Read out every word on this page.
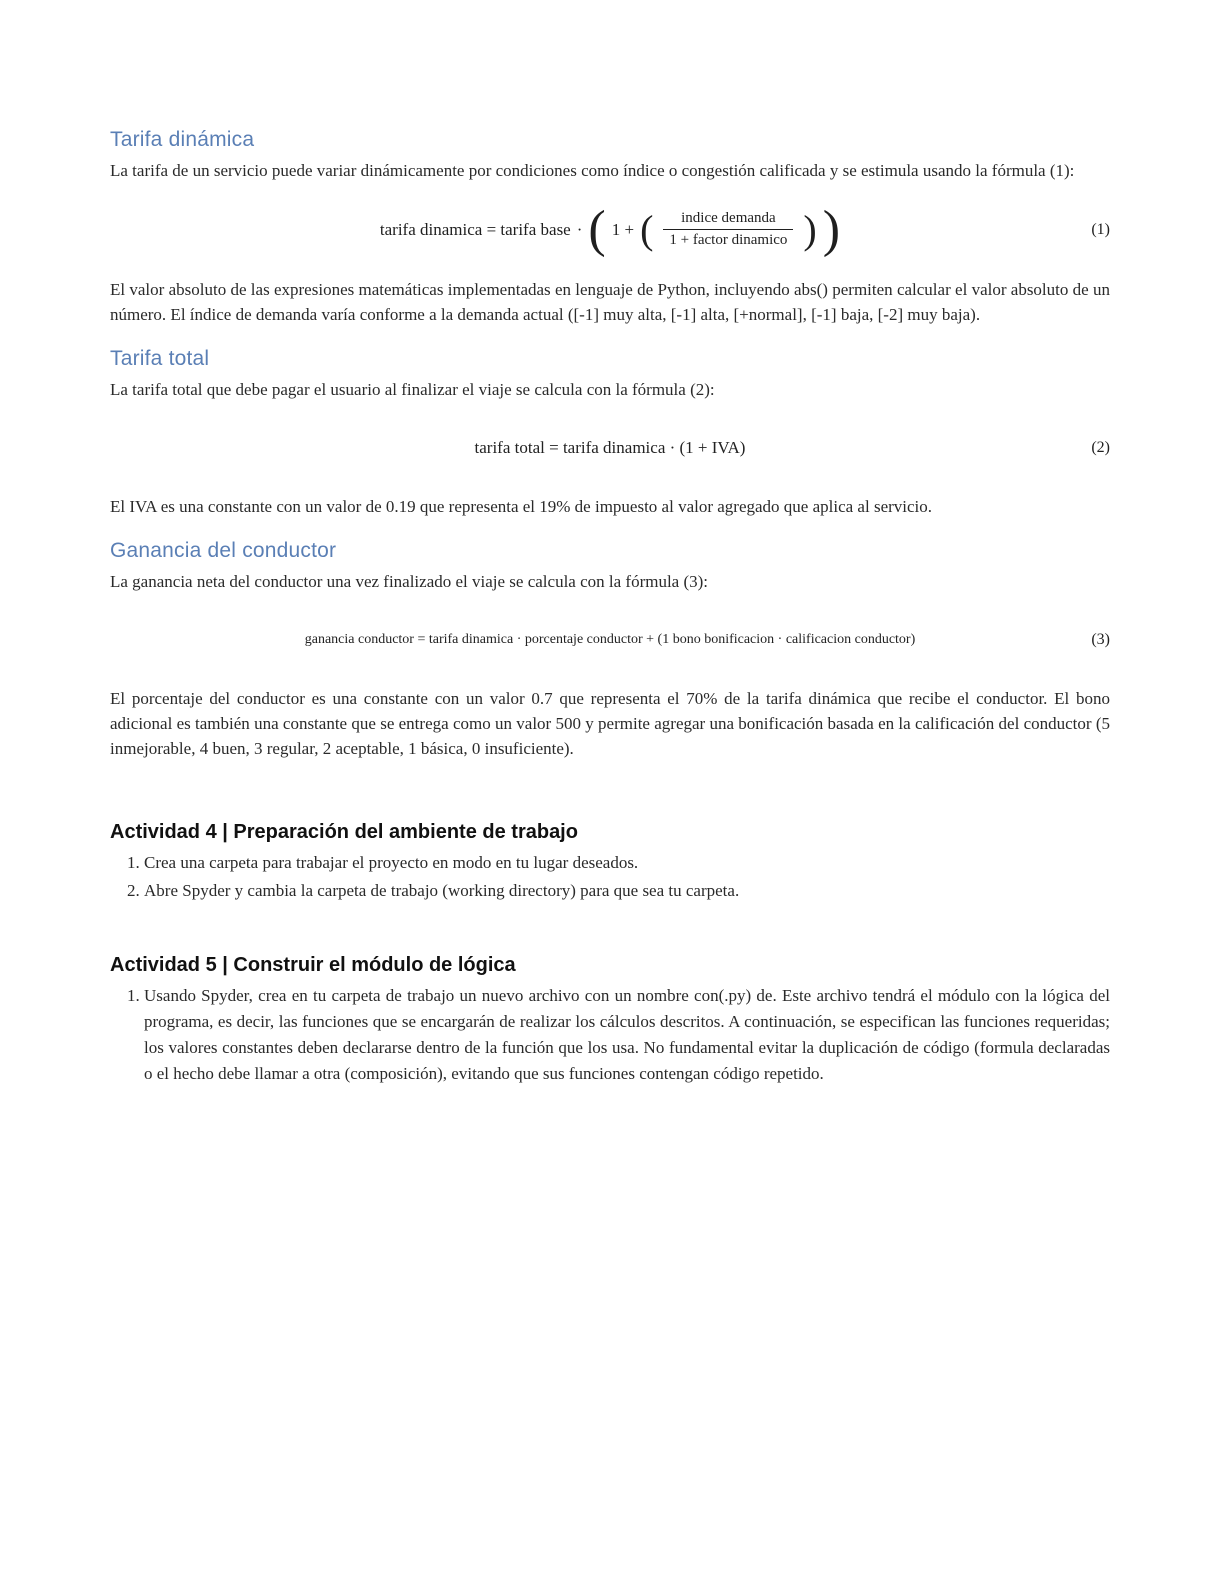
Tarifa dinámica

La tarifa de un servicio puede variar dinámicamente por condiciones como índice o congestión calificada y se estimula usando la fórmula (1):

tarifa dinamica = tarifa base · ( 1 + ( $\frac{\text{indice demanda}}{\text{1 + factor dinamico}}$ ) )	(1)

El valor absoluto de las expresiones matemáticas implementadas en lenguaje de Python, incluyendo abs() permiten calcular el valor absoluto de un número. El índice de demanda varía conforme a la demanda actual ([-1] muy alta, [-1] alta, [+normal], [-1] baja, [-2] muy baja).

Tarifa total

La tarifa total que debe pagar el usuario al finalizar el viaje se calcula con la fórmula (2):

tarifa total = tarifa dinamica · (1 + IVA)	(2)

El IVA es una constante con un valor de 0.19 que representa el 19% de impuesto al valor agregado que aplica al servicio.

Ganancia del conductor

La ganancia neta del conductor una vez finalizado el viaje se calcula con la fórmula (3):

ganancia conductor = tarifa dinamica · porcentaje conductor + (1 bono bonificacion · calificacion conductor)	(3)

El porcentaje del conductor es una constante con un valor 0.7 que representa el 70% de la tarifa dinámica que recibe el conductor. El bono adicional es también una constante que se entrega como un valor 500 y permite agregar una bonificación basada en la calificación del conductor (5 inmejorable, 4 buen, 3 regular, 2 aceptable, 1 básica, 0 insuficiente).

Actividad 4 | Preparación del ambiente de trabajo
1. Crea una carpeta para trabajar el proyecto en modo en tu lugar deseados.
2. Abre Spyder y cambia la carpeta de trabajo (working directory) para que sea tu carpeta.
Actividad 5 | Construir el módulo de lógica
1. Usando Spyder, crea en tu carpeta de trabajo un nuevo archivo con un nombre con(.py) de. Este archivo tendrá el módulo con la lógica del programa, es decir, las funciones que se encargarán de realizar los cálculos descritos. A continuación, se especifican las funciones requeridas; los valores constantes deben declararse dentro de la función que los usa. No fundamental evitar la duplicación de código (formula declaradas o el hecho debe llamar a otra (composición), evitando que sus funciones contengan código repetido.
